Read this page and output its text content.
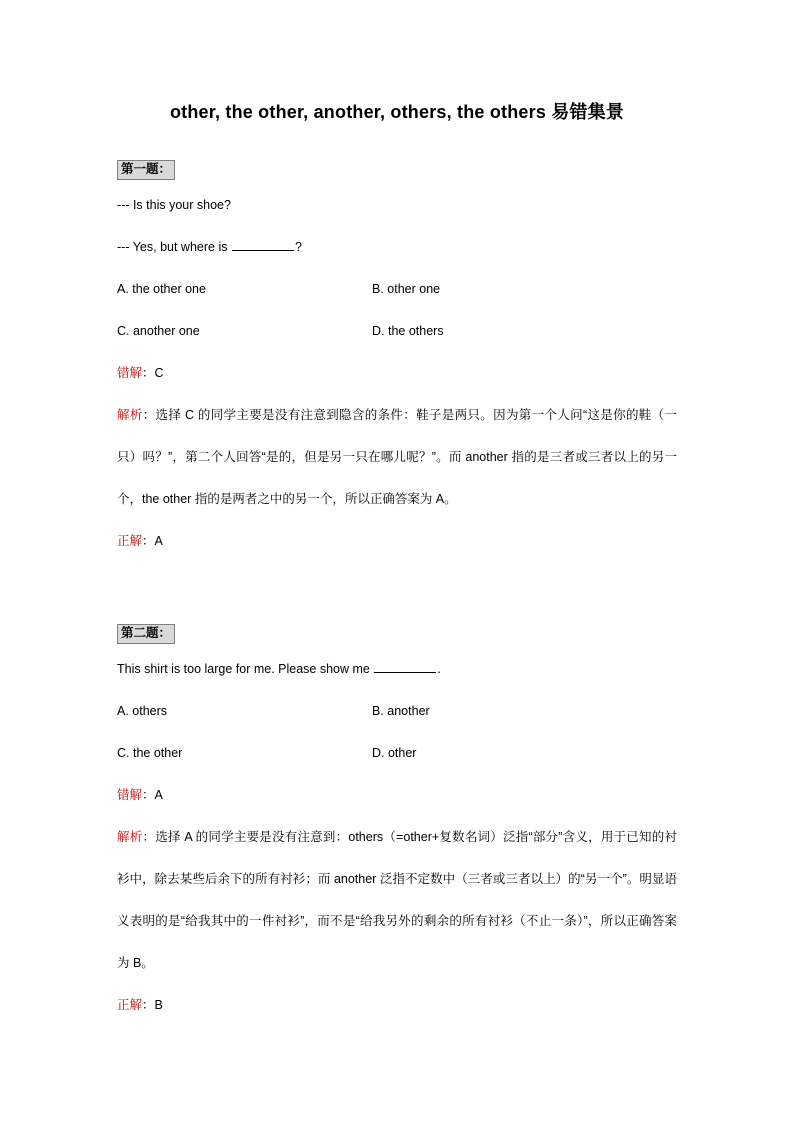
other, the other, another, others, the others 易错集景
第一题：
--- Is this your shoe?
--- Yes, but where is	?
A. the other one	B. other one
C. another one	D. the others
错解：C
解析：选择 C 的同学主要是没有注意到隐含的条件：鞋子是两只。因为第一个人问“这是你的鞋（一只）吗？”，第二个人回答“是的，但是另一只在哪儿呢？”。而 another 指的是三者或三者以上的另一个，the other 指的是两者之中的另一个，所以正确答案为 A。
正解：A
第二题：
This shirt is too large for me. Please show me	.
A. others	B. another
C. the other	D. other
错解：A
解析：选择 A 的同学主要是没有注意到：others（=other+复数名词）泛指“部分”含义，用于已知的衬衫中，除去某些后余下的所有衬衫；而 another 泛指不定数中（三者或三者以上）的“另一个”。明显语义表明的是“给我其中的一件衬衫”，而不是“给我另外的剩余的所有衬衫（不止一条）”，所以正确答案为 B。
正解：B
